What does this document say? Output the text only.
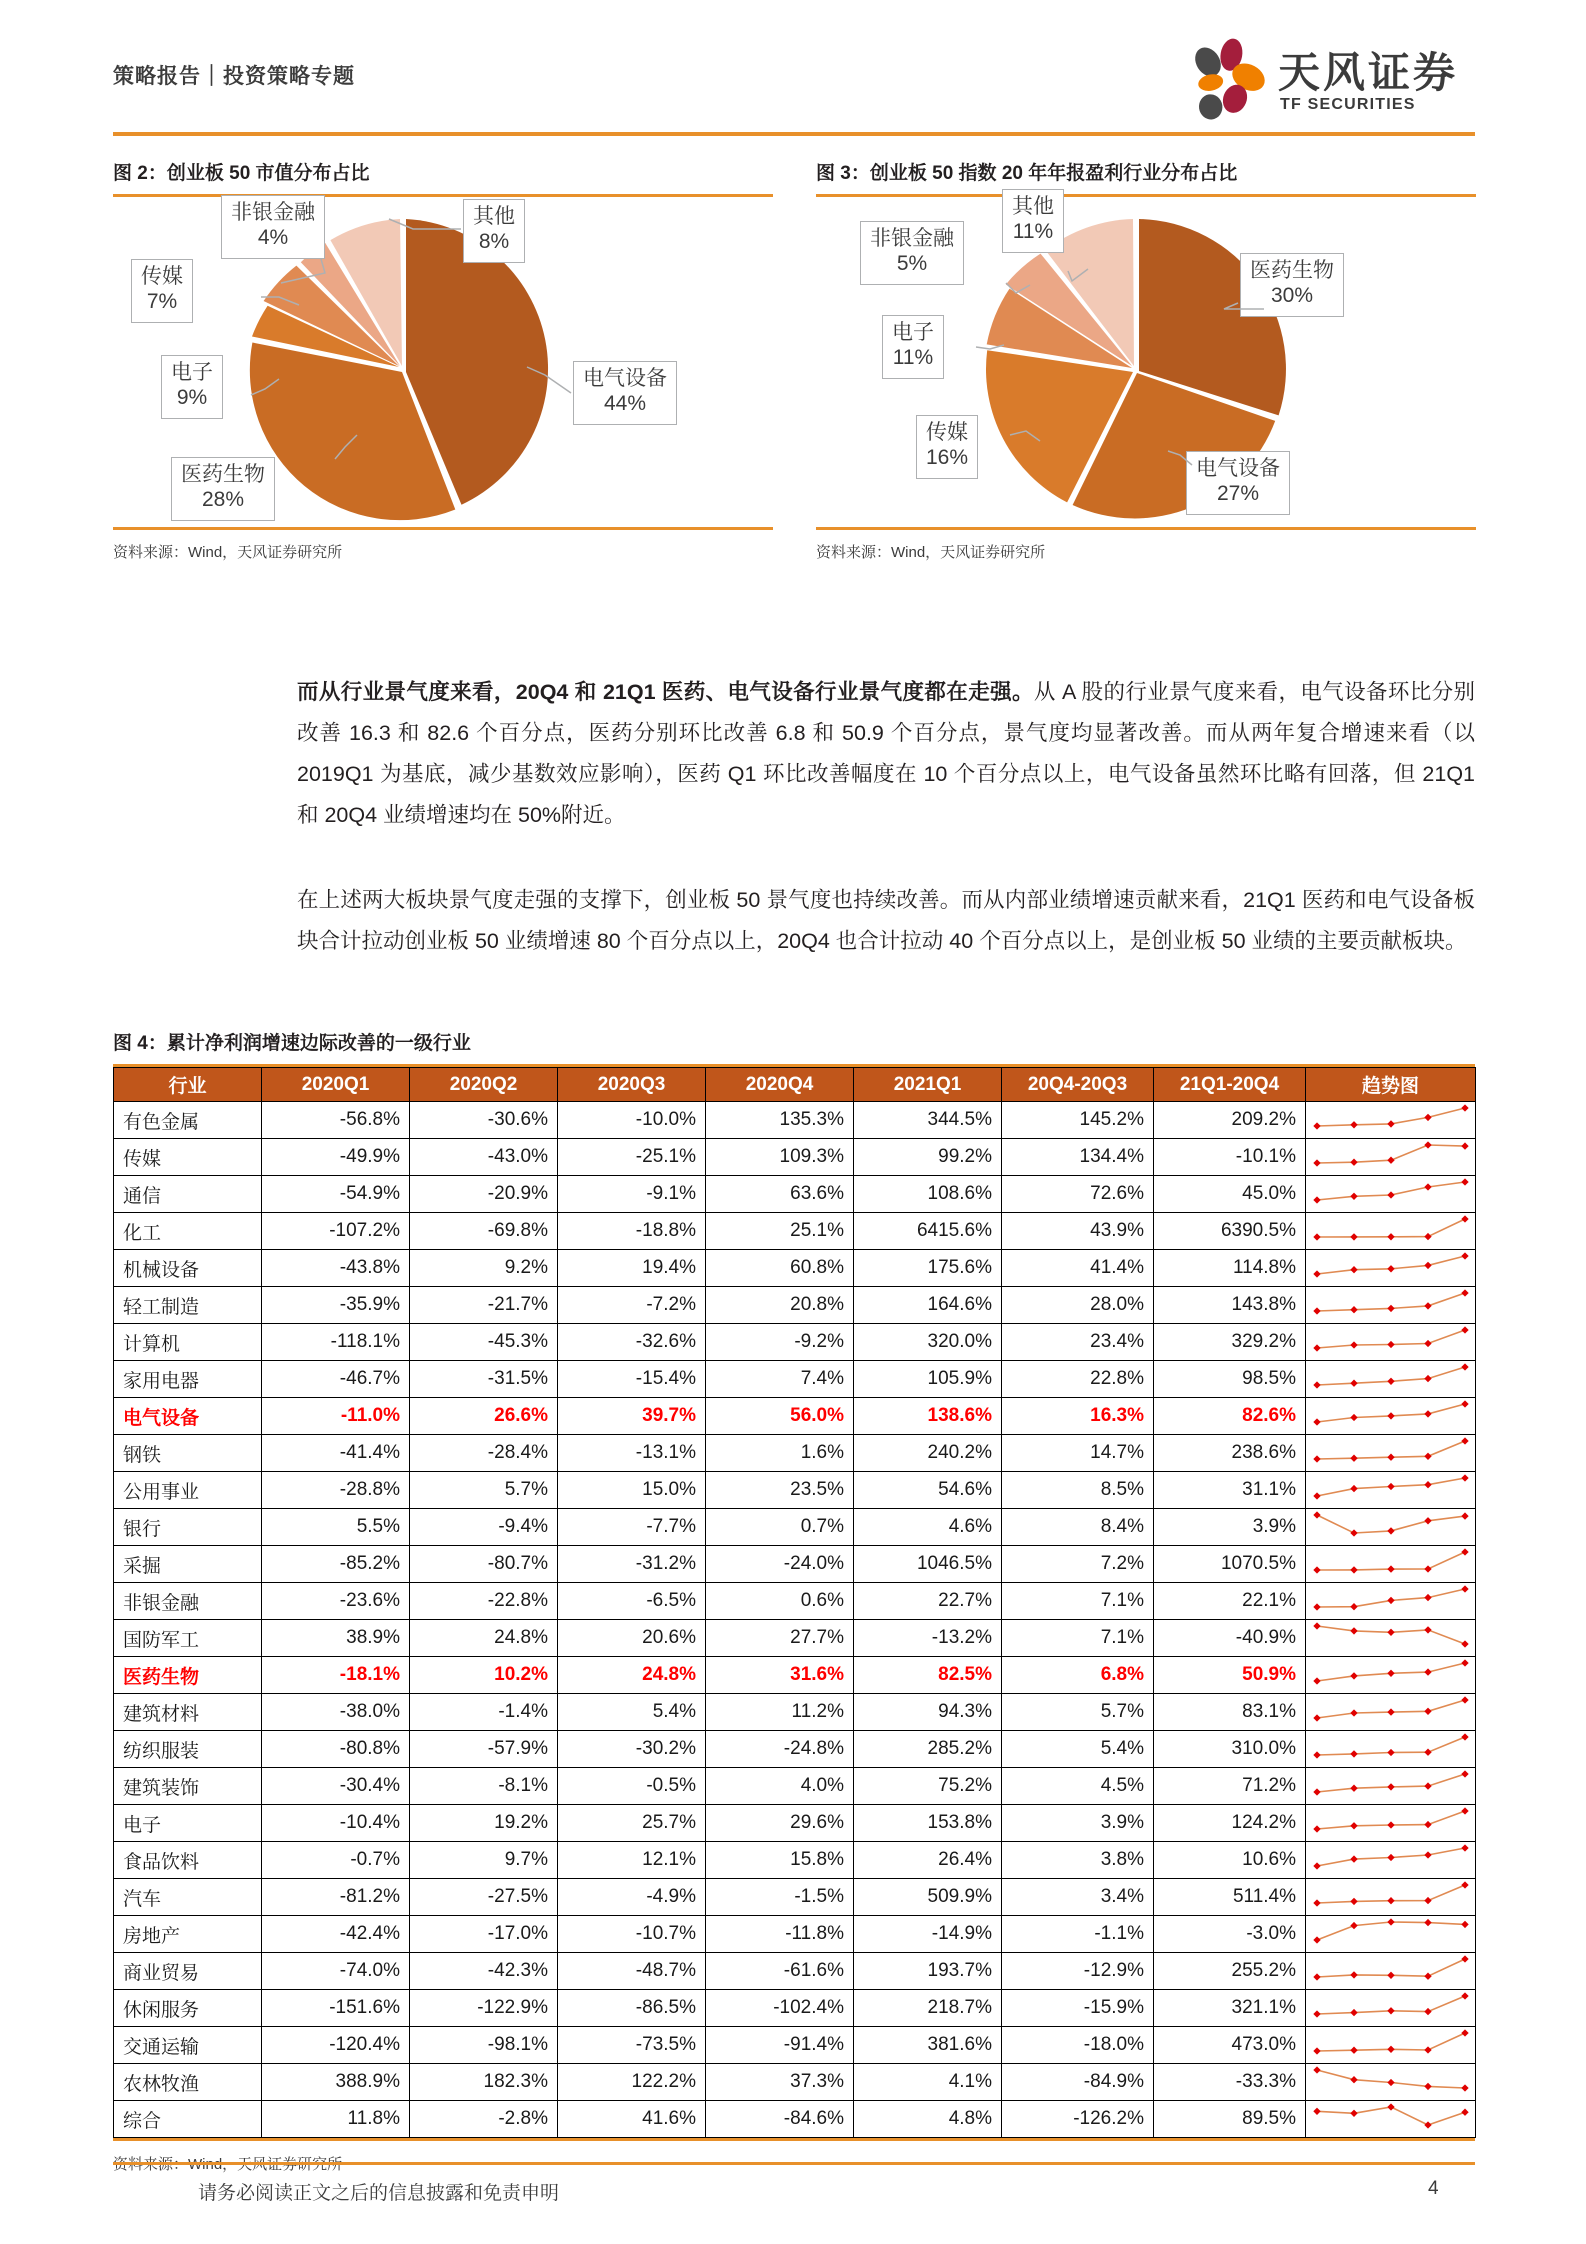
策略报告｜投资策略专题	天风证券
TF SECURITIES
图 2：创业板 50 市值分布占比
其他
8%
非银金融
4%
传媒
7%
电子
9%
电气设备
44%
医药生物
28%
资料来源：Wind，天风证券研究所
图 3：创业板 50 指数 20 年年报盈利行业分布占比
其他
11%
非银金融
5%
电子
11%
医药生物
30%
传媒
16%	电气设备
27%
资料来源：Wind，天风证券研究所
而从行业景气度来看，20Q4 和 21Q1 医药、电气设备行业景气度都在走强。从 A 股的行业景气度来看，电气设备环比分别改善 16.3 和 82.6 个百分点，医药分别环比改善 6.8 和 50.9 个百分点，景气度均显著改善。而从两年复合增速来看（以 2019Q1 为基底，减少基数效应影响），医药 Q1 环比改善幅度在 10 个百分点以上，电气设备虽然环比略有回落，但 21Q1 和 20Q4 业绩增速均在 50%附近。
在上述两大板块景气度走强的支撑下，创业板 50 景气度也持续改善。而从内部业绩增速贡献来看，21Q1 医药和电气设备板块合计拉动创业板 50 业绩增速 80 个百分点以上，20Q4 也合计拉动 40 个百分点以上，是创业板 50 业绩的主要贡献板块。
图 4：累计净利润增速边际改善的一级行业
行业	2020Q1	2020Q2	2020Q3	2020Q4	2021Q1	20Q4-20Q3	21Q1-20Q4	趋势图
有色金属	-56.8%	-30.6%	-10.0%	135.3%	344.5%	145.2%	209.2%	
传媒	-49.9%	-43.0%	-25.1%	109.3%	99.2%	134.4%	-10.1%	
通信	-54.9%	-20.9%	-9.1%	63.6%	108.6%	72.6%	45.0%	
化工	-107.2%	-69.8%	-18.8%	25.1%	6415.6%	43.9%	6390.5%	
机械设备	-43.8%	9.2%	19.4%	60.8%	175.6%	41.4%	114.8%	
轻工制造	-35.9%	-21.7%	-7.2%	20.8%	164.6%	28.0%	143.8%	
计算机	-118.1%	-45.3%	-32.6%	-9.2%	320.0%	23.4%	329.2%	
家用电器	-46.7%	-31.5%	-15.4%	7.4%	105.9%	22.8%	98.5%	
电气设备	-11.0%	26.6%	39.7%	56.0%	138.6%	16.3%	82.6%	
钢铁	-41.4%	-28.4%	-13.1%	1.6%	240.2%	14.7%	238.6%	
公用事业	-28.8%	5.7%	15.0%	23.5%	54.6%	8.5%	31.1%	
银行	5.5%	-9.4%	-7.7%	0.7%	4.6%	8.4%	3.9%	
采掘	-85.2%	-80.7%	-31.2%	-24.0%	1046.5%	7.2%	1070.5%	
非银金融	-23.6%	-22.8%	-6.5%	0.6%	22.7%	7.1%	22.1%	
国防军工	38.9%	24.8%	20.6%	27.7%	-13.2%	7.1%	-40.9%	
医药生物	-18.1%	10.2%	24.8%	31.6%	82.5%	6.8%	50.9%	
建筑材料	-38.0%	-1.4%	5.4%	11.2%	94.3%	5.7%	83.1%	
纺织服装	-80.8%	-57.9%	-30.2%	-24.8%	285.2%	5.4%	310.0%	
建筑装饰	-30.4%	-8.1%	-0.5%	4.0%	75.2%	4.5%	71.2%	
电子	-10.4%	19.2%	25.7%	29.6%	153.8%	3.9%	124.2%	
食品饮料	-0.7%	9.7%	12.1%	15.8%	26.4%	3.8%	10.6%	
汽车	-81.2%	-27.5%	-4.9%	-1.5%	509.9%	3.4%	511.4%	
房地产	-42.4%	-17.0%	-10.7%	-11.8%	-14.9%	-1.1%	-3.0%	
商业贸易	-74.0%	-42.3%	-48.7%	-61.6%	193.7%	-12.9%	255.2%	
休闲服务	-151.6%	-122.9%	-86.5%	-102.4%	218.7%	-15.9%	321.1%	
交通运输	-120.4%	-98.1%	-73.5%	-91.4%	381.6%	-18.0%	473.0%	
农林牧渔	388.9%	182.3%	122.2%	37.3%	4.1%	-84.9%	-33.3%	
综合	11.8%	-2.8%	41.6%	-84.6%	4.8%	-126.2%	89.5%	
请务必阅读正文之后的信息披露和免责申明	4
